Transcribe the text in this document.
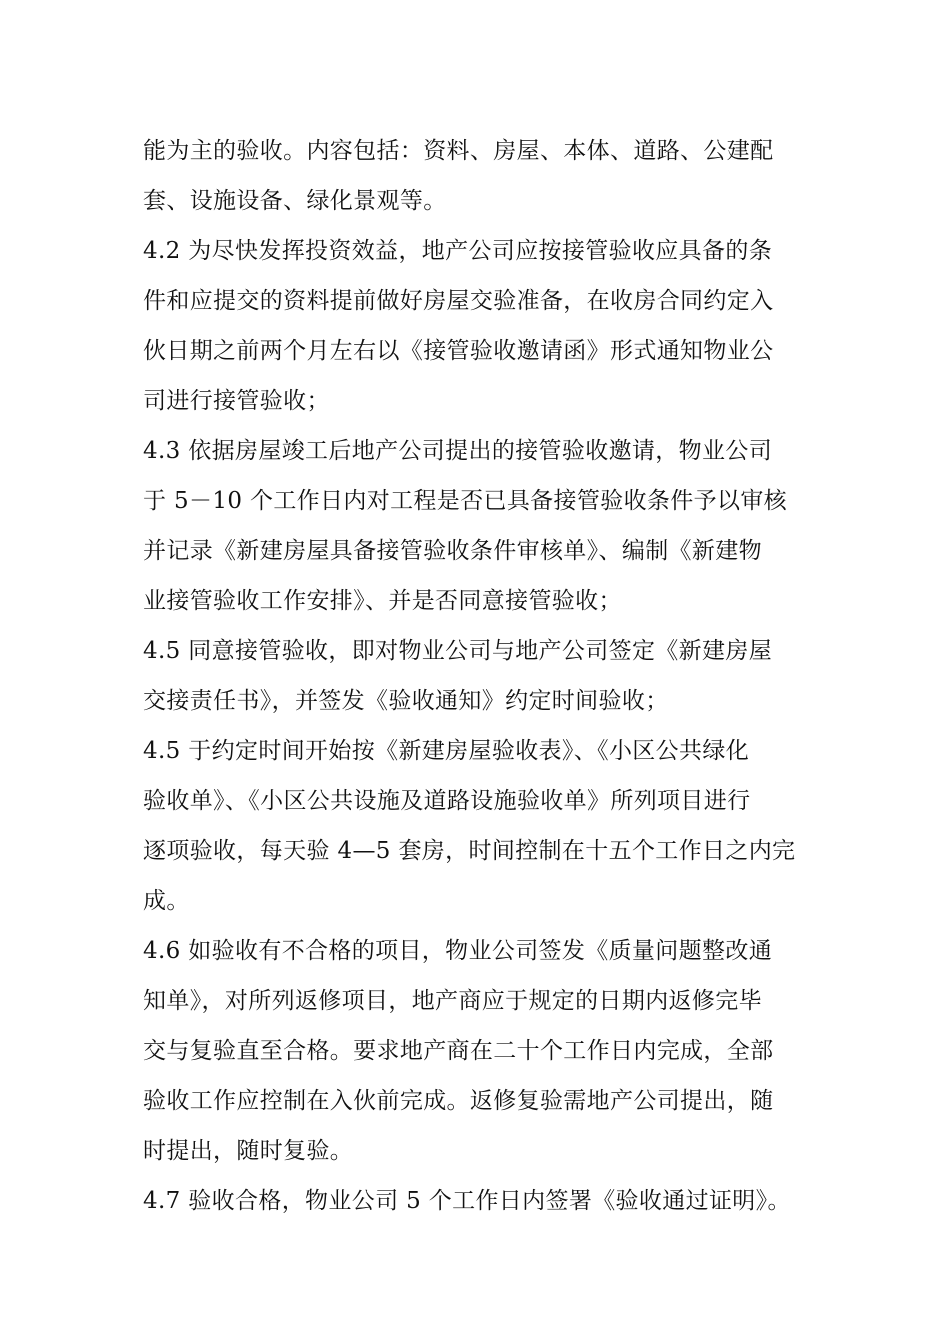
能为主的验收。内容包括：资料、房屋、本体、道路、公建配
套、设施设备、绿化景观等。
4.2 为尽快发挥投资效益，地产公司应按接管验收应具备的条
件和应提交的资料提前做好房屋交验准备，在收房合同约定入
伙日期之前两个月左右以《接管验收邀请函》形式通知物业公
司进行接管验收；
4.3 依据房屋竣工后地产公司提出的接管验收邀请，物业公司
于 5－10 个工作日内对工程是否已具备接管验收条件予以审核
并记录《新建房屋具备接管验收条件审核单》、编制《新建物
业接管验收工作安排》、并是否同意接管验收；
4.5 同意接管验收，即对物业公司与地产公司签定《新建房屋
交接责任书》，并签发《验收通知》约定时间验收；
4.5 于约定时间开始按《新建房屋验收表》、《小区公共绿化
验收单》、《小区公共设施及道路设施验收单》所列项目进行
逐项验收，每天验 4—5 套房，时间控制在十五个工作日之内完
成。
4.6 如验收有不合格的项目，物业公司签发《质量问题整改通
知单》，对所列返修项目，地产商应于规定的日期内返修完毕
交与复验直至合格。要求地产商在二十个工作日内完成，全部
验收工作应控制在入伙前完成。返修复验需地产公司提出，随
时提出，随时复验。
4.7 验收合格，物业公司 5 个工作日内签署《验收通过证明》。
